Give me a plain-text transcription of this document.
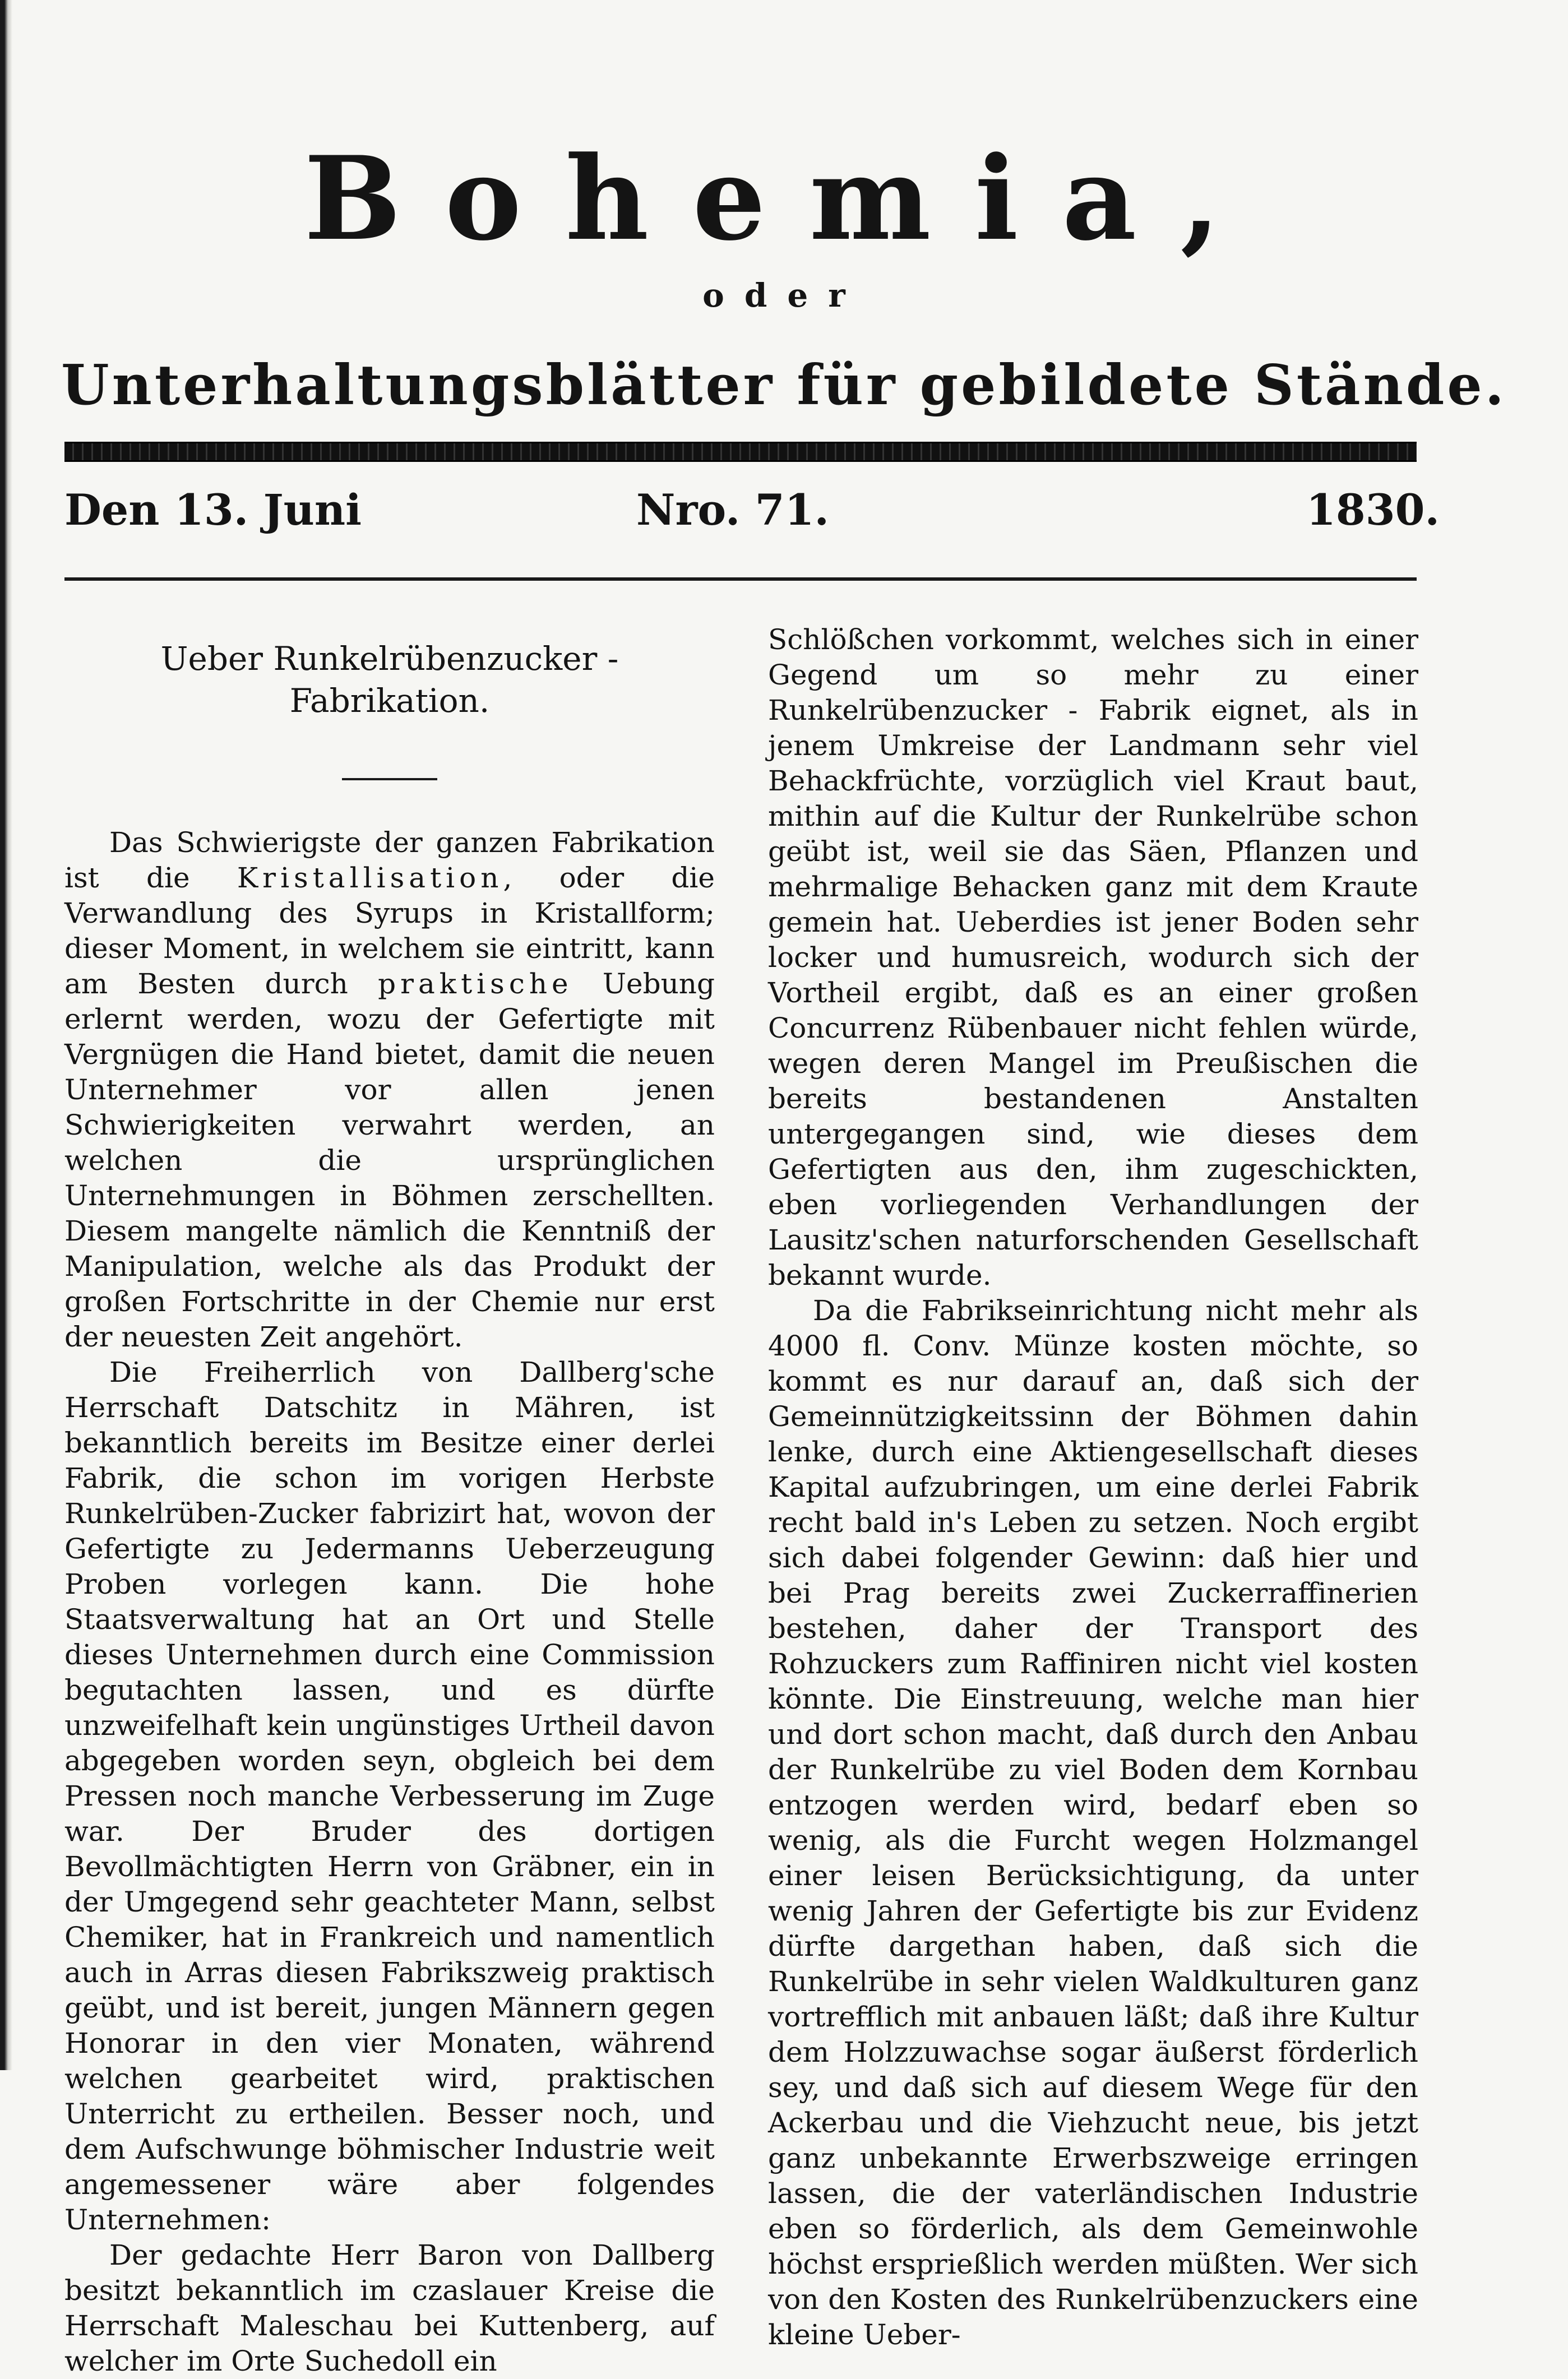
Bohemia,
oder
Unterhaltungsblätter für gebildete Stände.
Den 13. Juni	Nro. 71.	1830.
Ueber Runkelrübenzucker - Fabrikation.

Das Schwierigste der ganzen Fabrikation ist die Kristallisation, oder die Verwandlung des Syrups in Kristallform; dieser Moment, in welchem sie eintritt, kann am Besten durch praktische Uebung erlernt werden, wozu der Gefertigte mit Vergnügen die Hand bietet, damit die neuen Unternehmer vor allen jenen Schwierigkeiten verwahrt werden, an welchen die ursprünglichen Unternehmungen in Böhmen zerschellten. Diesem mangelte nämlich die Kenntniß der Manipulation, welche als das Produkt der großen Fortschritte in der Chemie nur erst der neuesten Zeit angehört.

Die Freiherrlich von Dallberg'sche Herrschaft Datschitz in Mähren, ist bekanntlich bereits im Besitze einer derlei Fabrik, die schon im vorigen Herbste Runkelrüben-Zucker fabrizirt hat, wovon der Gefertigte zu Jedermanns Ueberzeugung Proben vorlegen kann. Die hohe Staatsverwaltung hat an Ort und Stelle dieses Unternehmen durch eine Commission begutachten lassen, und es dürfte unzweifelhaft kein ungünstiges Urtheil davon abgegeben worden seyn, obgleich bei dem Pressen noch manche Verbesserung im Zuge war. Der Bruder des dortigen Bevollmächtigten Herrn von Gräbner, ein in der Umgegend sehr geachteter Mann, selbst Chemiker, hat in Frankreich und namentlich auch in Arras diesen Fabrikszweig praktisch geübt, und ist bereit, jungen Männern gegen Honorar in den vier Monaten, während welchen gearbeitet wird, praktischen Unterricht zu ertheilen. Besser noch, und dem Aufschwunge böhmischer Industrie weit angemessener wäre aber folgendes Unternehmen:

Der gedachte Herr Baron von Dallberg besitzt bekanntlich im czaslauer Kreise die Herrschaft Maleschau bei Kuttenberg, auf welcher im Orte Suchedoll ein

Schlößchen vorkommt, welches sich in einer Gegend um so mehr zu einer Runkelrübenzucker - Fabrik eignet, als in jenem Umkreise der Landmann sehr viel Behackfrüchte, vorzüglich viel Kraut baut, mithin auf die Kultur der Runkelrübe schon geübt ist, weil sie das Säen, Pflanzen und mehrmalige Behacken ganz mit dem Kraute gemein hat. Ueberdies ist jener Boden sehr locker und humusreich, wodurch sich der Vortheil ergibt, daß es an einer großen Concurrenz Rübenbauer nicht fehlen würde, wegen deren Mangel im Preußischen die bereits bestandenen Anstalten untergegangen sind, wie dieses dem Gefertigten aus den, ihm zugeschickten, eben vorliegenden Verhandlungen der Lausitz'schen naturforschenden Gesellschaft bekannt wurde.

Da die Fabrikseinrichtung nicht mehr als 4000 fl. Conv. Münze kosten möchte, so kommt es nur darauf an, daß sich der Gemeinnützigkeitssinn der Böhmen dahin lenke, durch eine Aktiengesellschaft dieses Kapital aufzubringen, um eine derlei Fabrik recht bald in's Leben zu setzen. Noch ergibt sich dabei folgender Gewinn: daß hier und bei Prag bereits zwei Zuckerraffinerien bestehen, daher der Transport des Rohzuckers zum Raffiniren nicht viel kosten könnte. Die Einstreuung, welche man hier und dort schon macht, daß durch den Anbau der Runkelrübe zu viel Boden dem Kornbau entzogen werden wird, bedarf eben so wenig, als die Furcht wegen Holzmangel einer leisen Berücksichtigung, da unter wenig Jahren der Gefertigte bis zur Evidenz dürfte dargethan haben, daß sich die Runkelrübe in sehr vielen Waldkulturen ganz vortrefflich mit anbauen läßt; daß ihre Kultur dem Holzzuwachse sogar äußerst förderlich sey, und daß sich auf diesem Wege für den Ackerbau und die Viehzucht neue, bis jetzt ganz unbekannte Erwerbszweige erringen lassen, die der vaterländischen Industrie eben so förderlich, als dem Gemeinwohle höchst ersprießlich werden müßten. Wer sich von den Kosten des Runkelrübenzuckers eine kleine Ueber-
